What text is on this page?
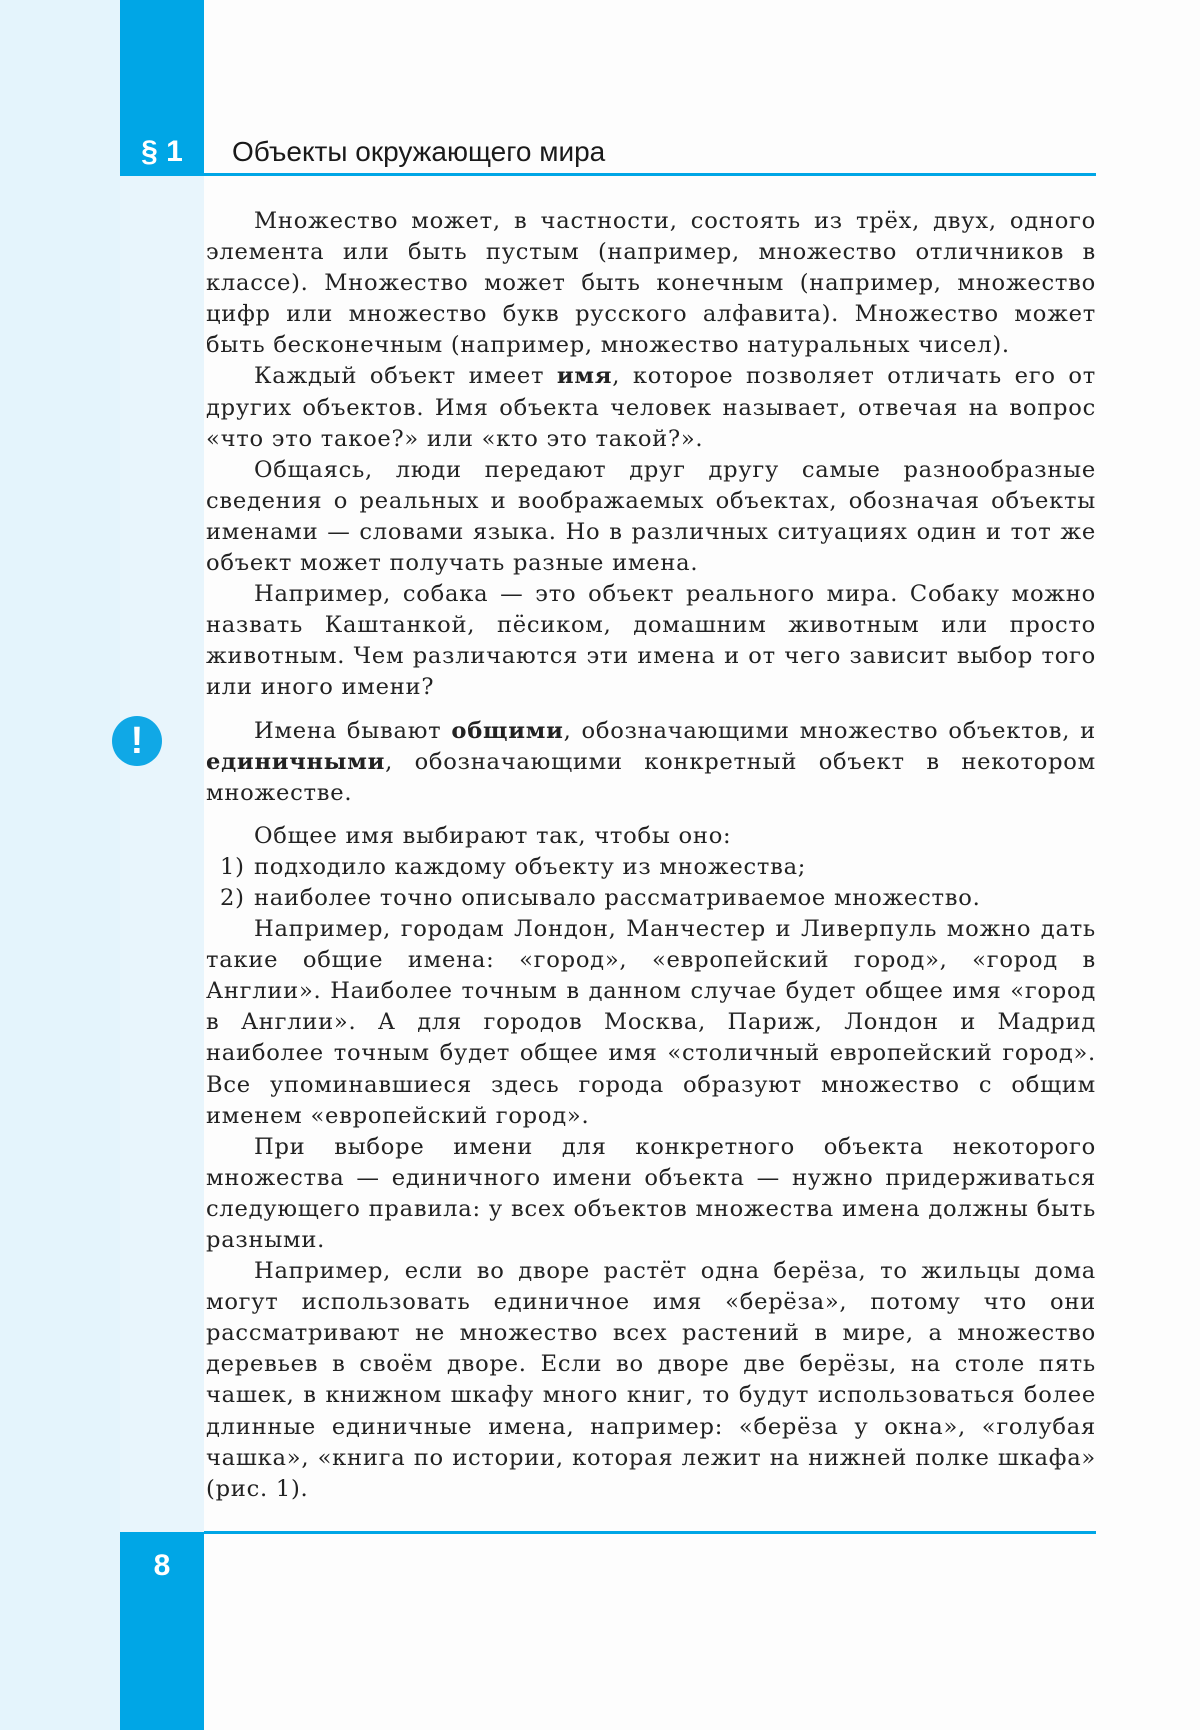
§ 1	Объекты окружающего мира
!

Множество может, в частности, состоять из трёх, двух, одного элемента или быть пустым (например, множество отличников в классе). Множество может быть конечным (например, множество цифр или множество букв русского алфавита). Множество может быть бесконечным (например, множество натуральных чисел).

Каждый объект имеет имя, которое позволяет отличать его от других объектов. Имя объекта человек называет, отвечая на вопрос «что это такое?» или «кто это такой?».

Общаясь, люди передают друг другу самые разнообразные сведения о реальных и воображаемых объектах, обозначая объекты именами — словами языка. Но в различных ситуациях один и тот же объект может получать разные имена.

Например, собака — это объект реального мира. Собаку можно назвать Каштанкой, пёсиком, домашним животным или просто животным. Чем различаются эти имена и от чего зависит выбор того или иного имени?

Имена бывают общими, обозначающими множество объектов, и единичными, обозначающими конкретный объект в некотором множестве.

Общее имя выбирают так, чтобы оно:

1) подходило каждому объекту из множества;

2) наиболее точно описывало рассматриваемое множество.

Например, городам Лондон, Манчестер и Ливерпуль можно дать такие общие имена: «город», «европейский город», «город в Англии». Наиболее точным в данном случае будет общее имя «город в Англии». А для городов Москва, Париж, Лондон и Мадрид наиболее точным будет общее имя «столичный европейский город». Все упоминавшиеся здесь города образуют множество с общим именем «европейский город».

При выборе имени для конкретного объекта некоторого множества — единичного имени объекта — нужно придерживаться следующего правила: у всех объектов множества имена должны быть разными.

Например, если во дворе растёт одна берёза, то жильцы дома могут использовать единичное имя «берёза», потому что они рассматривают не множество всех растений в мире, а множество деревьев в своём дворе. Если во дворе две берёзы, на столе пять чашек, в книжном шкафу много книг, то будут использоваться более длинные единичные имена, например: «берёза у окна», «голубая чашка», «книга по истории, которая лежит на нижней полке шкафа» (рис. 1).

8
